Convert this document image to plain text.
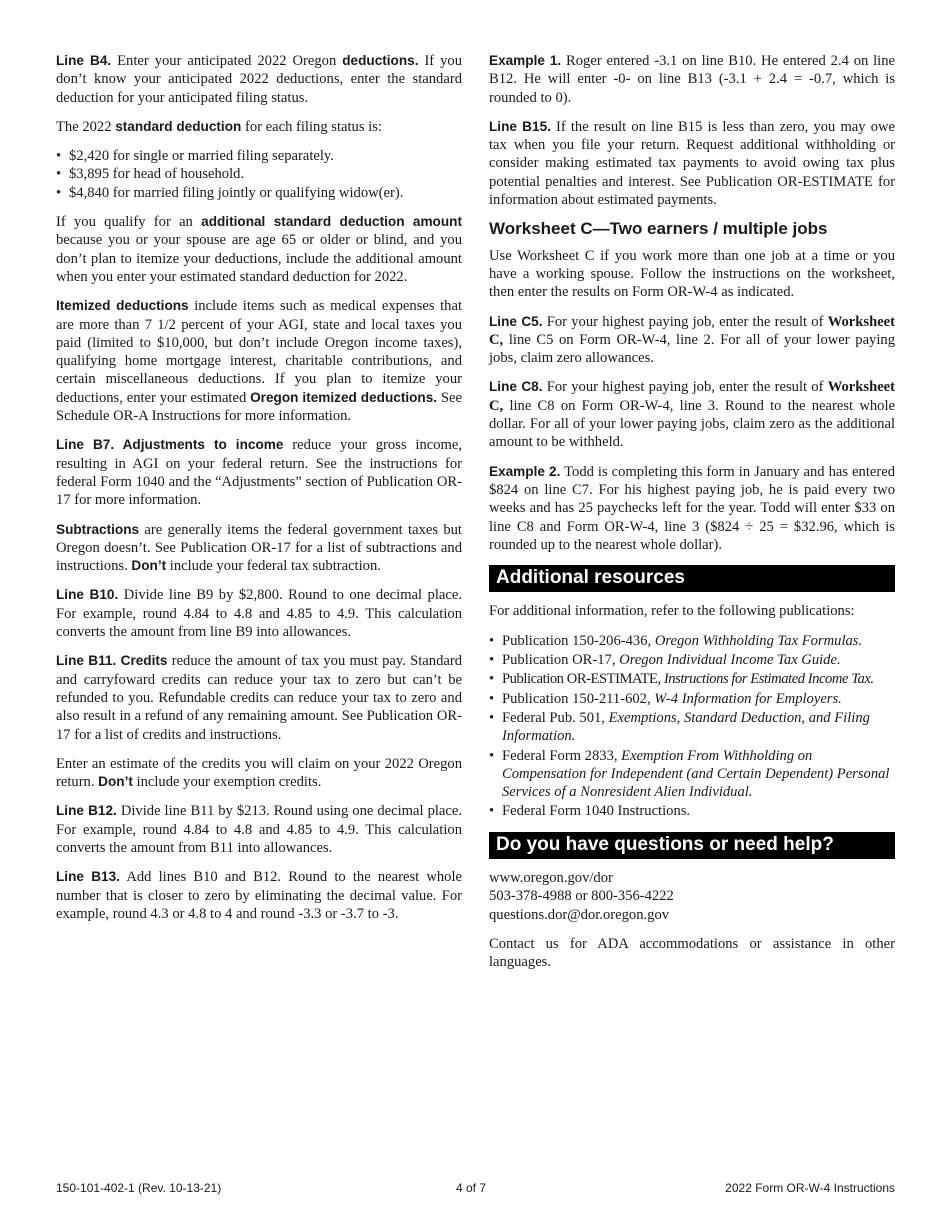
Line B4. Enter your anticipated 2022 Oregon deductions. If you don’t know your anticipated 2022 deductions, enter the standard deduction for your anticipated filing status.

The 2022 standard deduction for each filing status is:

• $2,420 for single or married filing separately.
• $3,895 for head of household.
• $4,840 for married filing jointly or qualifying widow(er).

If you qualify for an additional standard deduction amount because you or your spouse are age 65 or older or blind, and you don’t plan to itemize your deductions, include the additional amount when you enter your estimated standard deduction for 2022.

Itemized deductions include items such as medical expenses that are more than 7 1/2 percent of your AGI, state and local taxes you paid (limited to $10,000, but don’t include Oregon income taxes), qualifying home mortgage interest, charitable contributions, and certain miscellaneous deductions. If you plan to itemize your deductions, enter your estimated Oregon itemized deductions. See Schedule OR-A Instructions for more information.

Line B7. Adjustments to income reduce your gross income, resulting in AGI on your federal return. See the instructions for federal Form 1040 and the “Adjustments” section of Publication OR-17 for more information.

Subtractions are generally items the federal government taxes but Oregon doesn’t. See Publication OR-17 for a list of subtractions and instructions. Don’t include your federal tax subtraction.

Line B10. Divide line B9 by $2,800. Round to one decimal place. For example, round 4.84 to 4.8 and 4.85 to 4.9. This calculation converts the amount from line B9 into allowances.

Line B11. Credits reduce the amount of tax you must pay. Standard and carryfoward credits can reduce your tax to zero but can’t be refunded to you. Refundable credits can reduce your tax to zero and also result in a refund of any remaining amount. See Publication OR-17 for a list of credits and instructions.

Enter an estimate of the credits you will claim on your 2022 Oregon return. Don’t include your exemption credits.

Line B12. Divide line B11 by $213. Round using one decimal place. For example, round 4.84 to 4.8 and 4.85 to 4.9. This calculation converts the amount from B11 into allowances.

Line B13. Add lines B10 and B12. Round to the nearest whole number that is closer to zero by eliminating the decimal value. For example, round 4.3 or 4.8 to 4 and round -3.3 or -3.7 to -3.

Example 1. Roger entered -3.1 on line B10. He entered 2.4 on line B12. He will enter -0- on line B13 (-3.1 + 2.4 = -0.7, which is rounded to 0).

Line B15. If the result on line B15 is less than zero, you may owe tax when you file your return. Request additional withholding or consider making estimated tax payments to avoid owing tax plus potential penalties and interest. See Publication OR-ESTIMATE for information about estimated payments.

Worksheet C—Two earners / multiple jobs

Use Worksheet C if you work more than one job at a time or you have a working spouse. Follow the instructions on the worksheet, then enter the results on Form OR-W-4 as indicated.

Line C5. For your highest paying job, enter the result of Worksheet C, line C5 on Form OR-W-4, line 2. For all of your lower paying jobs, claim zero allowances.

Line C8. For your highest paying job, enter the result of Worksheet C, line C8 on Form OR-W-4, line 3. Round to the nearest whole dollar. For all of your lower paying jobs, claim zero as the additional amount to be withheld.

Example 2. Todd is completing this form in January and has entered $824 on line C7. For his highest paying job, he is paid every two weeks and has 25 paychecks left for the year. Todd will enter $33 on line C8 and Form OR-W-4, line 3 ($824 ÷ 25 = $32.96, which is rounded up to the nearest whole dollar).

Additional resources

For additional information, refer to the following publications:

• Publication 150-206-436, Oregon Withholding Tax Formulas.
• Publication OR-17, Oregon Individual Income Tax Guide.
• Publication OR-ESTIMATE, Instructions for Estimated Income Tax.
• Publication 150-211-602, W-4 Information for Employers.
• Federal Pub. 501, Exemptions, Standard Deduction, and Filing Information.
• Federal Form 2833, Exemption From Withholding on Compensation for Independent (and Certain Dependent) Personal Services of a Nonresident Alien Individual.
• Federal Form 1040 Instructions.
Do you have questions or need help?
www.oregon.gov/dor
503-378-4988 or 800-356-4222
questions.dor@dor.oregon.gov

Contact us for ADA accommodations or assistance in other languages.

150-101-402-1 (Rev. 10-13-21)	4 of 7	2022 Form OR-W-4 Instructions
